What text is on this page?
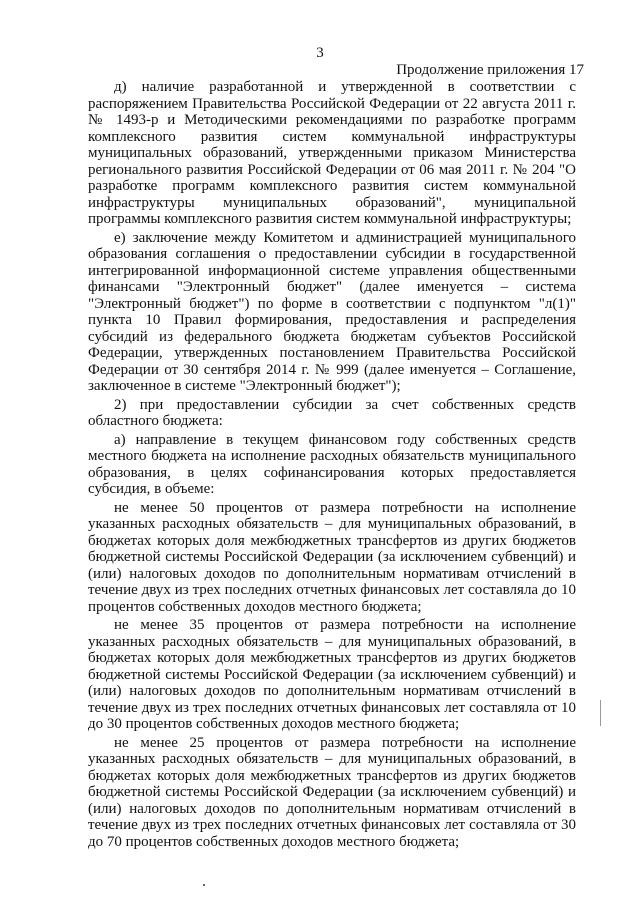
3
Продолжение приложения 17

д) наличие разработанной и утвержденной в соответствии с распоряжением Правительства Российской Федерации от 22 августа 2011 г. № 1493-р и Методическими рекомендациями по разработке программ комплексного развития систем коммунальной инфраструктуры муниципальных образований, утвержденными приказом Министерства регионального развития Российской Федерации от 06 мая 2011 г. № 204 "О разработке программ комплексного развития систем коммунальной инфраструктуры муниципальных образований", муниципальной программы комплексного развития систем коммунальной инфраструктуры;

е) заключение между Комитетом и администрацией муниципального образования соглашения о предоставлении субсидии в государственной интегрированной информационной системе управления общественными финансами "Электронный бюджет" (далее именуется – система "Электронный бюджет") по форме в соответствии с подпунктом "л(1)" пункта 10 Правил формирования, предоставления и распределения субсидий из федерального бюджета бюджетам субъектов Российской Федерации, утвержденных постановлением Правительства Российской Федерации от 30 сентября 2014 г. № 999 (далее именуется – Соглашение, заключенное в системе "Электронный бюджет");

2) при предоставлении субсидии за счет собственных средств областного бюджета:

а) направление в текущем финансовом году собственных средств местного бюджета на исполнение расходных обязательств муниципального образования, в целях софинансирования которых предоставляется субсидия, в объеме:

не менее 50 процентов от размера потребности на исполнение указанных расходных обязательств – для муниципальных образований, в бюджетах которых доля межбюджетных трансфертов из других бюджетов бюджетной системы Российской Федерации (за исключением субвенций) и (или) налоговых доходов по дополнительным нормативам отчислений в течение двух из трех последних отчетных финансовых лет составляла до 10 процентов собственных доходов местного бюджета;

не менее 35 процентов от размера потребности на исполнение указанных расходных обязательств – для муниципальных образований, в бюджетах которых доля межбюджетных трансфертов из других бюджетов бюджетной системы Российской Федерации (за исключением субвенций) и (или) налоговых доходов по дополнительным нормативам отчислений в течение двух из трех последних отчетных финансовых лет составляла от 10 до 30 процентов собственных доходов местного бюджета;

не менее 25 процентов от размера потребности на исполнение указанных расходных обязательств – для муниципальных образований, в бюджетах которых доля межбюджетных трансфертов из других бюджетов бюджетной системы Российской Федерации (за исключением субвенций) и (или) налоговых доходов по дополнительным нормативам отчислений в течение двух из трех последних отчетных финансовых лет составляла от 30 до 70 процентов собственных доходов местного бюджета;
